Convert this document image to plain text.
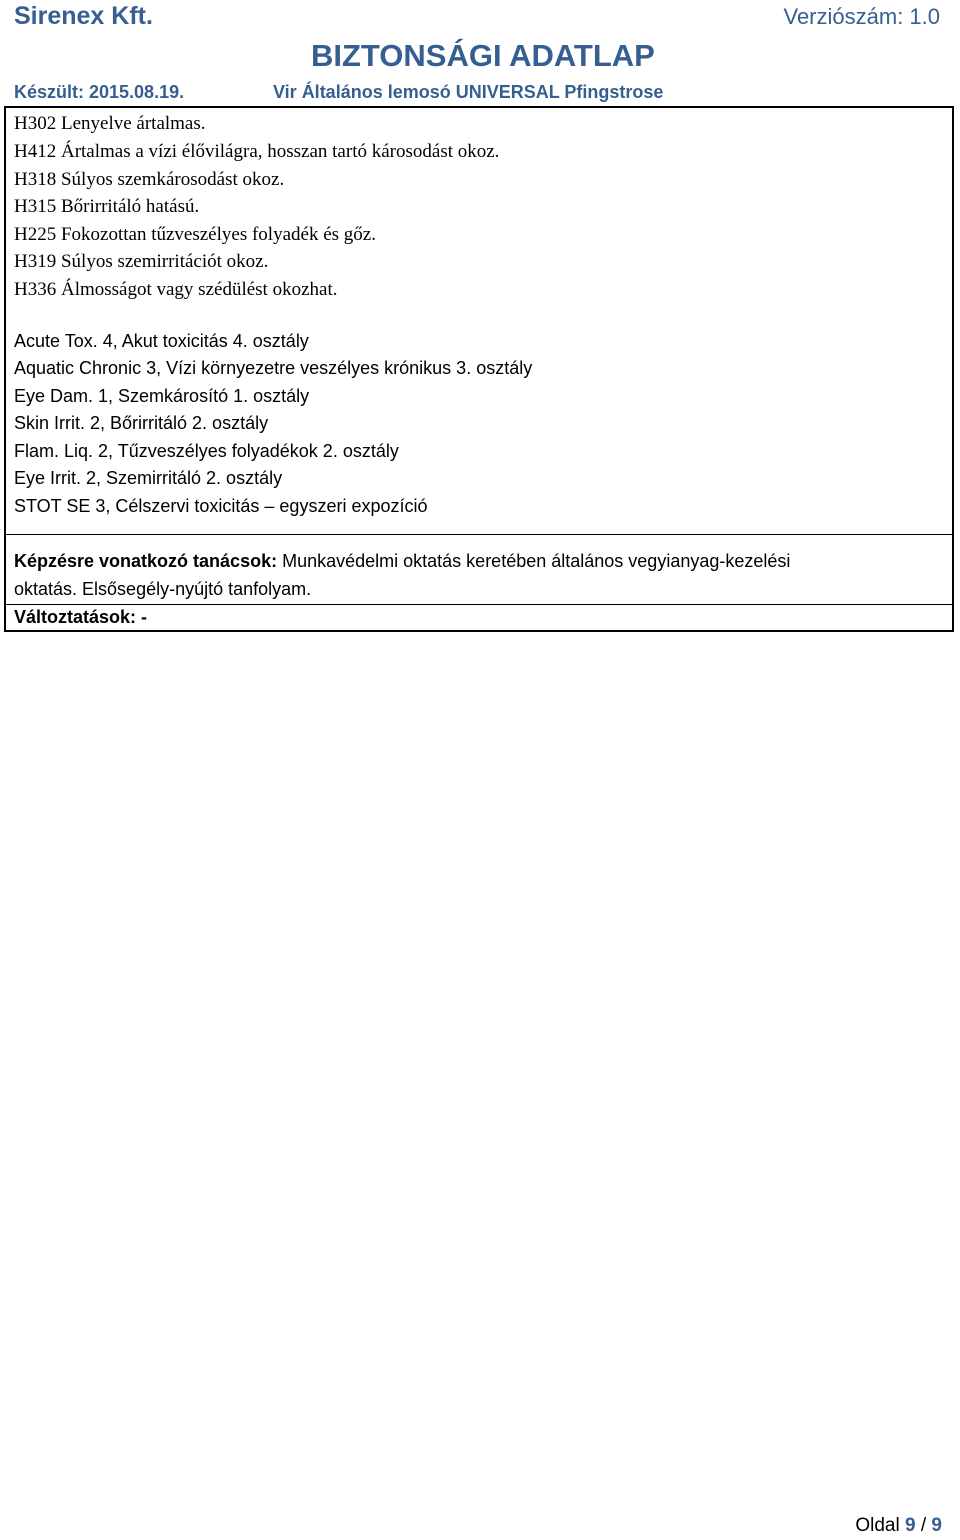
Sirenex Kft.	Verziószám: 1.0
BIZTONSÁGI ADATLAP
Készült: 2015.08.19.	Vir Általános lemosó UNIVERSAL Pfingstrose
H302 Lenyelve ártalmas.
H412 Ártalmas a vízi élővilágra, hosszan tartó károsodást okoz.
H318 Súlyos szemkárosodást okoz.
H315 Bőrirritáló hatású.
H225 Fokozottan tűzveszélyes folyadék és gőz.
H319 Súlyos szemirritációt okoz.
H336 Álmosságot vagy szédülést okozhat.
Acute Tox. 4, Akut toxicitás 4. osztály
Aquatic Chronic 3, Vízi környezetre veszélyes krónikus 3. osztály
Eye Dam. 1, Szemkárosító 1. osztály
Skin Irrit. 2, Bőrirritáló 2. osztály
Flam. Liq. 2, Tűzveszélyes folyadékok 2. osztály
Eye Irrit. 2, Szemirritáló 2. osztály
STOT SE 3, Célszervi toxicitás – egyszeri expozíció
Képzésre vonatkozó tanácsok: Munkavédelmi oktatás keretében általános vegyianyag-kezelési
oktatás. Elsősegély-nyújtó tanfolyam.
Változtatások: -
Oldal 9 / 9
